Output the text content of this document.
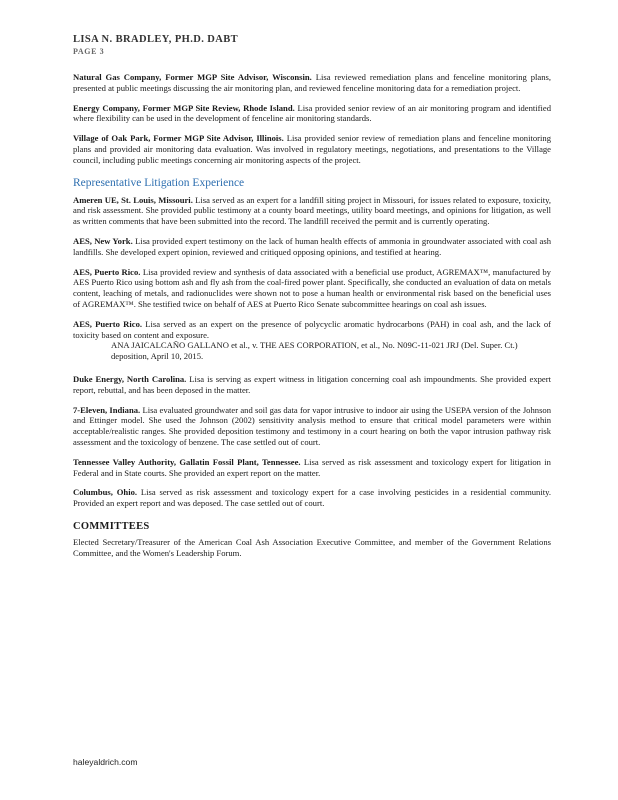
LISA N. BRADLEY, PH.D. DABT
PAGE 3

Natural Gas Company, Former MGP Site Advisor, Wisconsin. Lisa reviewed remediation plans and fenceline monitoring plans, presented at public meetings discussing the air monitoring plan, and reviewed fenceline monitoring data for a remediation project.

Energy Company, Former MGP Site Review, Rhode Island. Lisa provided senior review of an air monitoring program and identified where flexibility can be used in the development of fenceline air monitoring standards.

Village of Oak Park, Former MGP Site Advisor, Illinois. Lisa provided senior review of remediation plans and fenceline monitoring plans and provided air monitoring data evaluation. Was involved in regulatory meetings, negotiations, and presentations to the Village council, including public meetings concerning air monitoring aspects of the project.

Representative Litigation Experience

Ameren UE, St. Louis, Missouri. Lisa served as an expert for a landfill siting project in Missouri, for issues related to exposure, toxicity, and risk assessment. She provided public testimony at a county board meetings, utility board meetings, and opinions for litigation, as well as written comments that have been submitted into the record. The landfill received the permit and is currently operating.

AES, New York. Lisa provided expert testimony on the lack of human health effects of ammonia in groundwater associated with coal ash landfills. She developed expert opinion, reviewed and critiqued opposing opinions, and testified at hearing.

AES, Puerto Rico. Lisa provided review and synthesis of data associated with a beneficial use product, AGREMAX™, manufactured by AES Puerto Rico using bottom ash and fly ash from the coal-fired power plant. Specifically, she conducted an evaluation of data on metals content, leaching of metals, and radionuclides were shown not to pose a human health or environmental risk based on the beneficial uses of AGREMAX™. She testified twice on behalf of AES at Puerto Rico Senate subcommittee hearings on coal ash issues.

AES, Puerto Rico. Lisa served as an expert on the presence of polycyclic aromatic hydrocarbons (PAH) in coal ash, and the lack of toxicity based on content and exposure.

ANA JAICALCAÑO GALLANO et al., v. THE AES CORPORATION, et al., No. N09C-11-021 JRJ (Del. Super. Ct.) deposition, April 10, 2015.

Duke Energy, North Carolina. Lisa is serving as expert witness in litigation concerning coal ash impoundments. She provided expert report, rebuttal, and has been deposed in the matter.

7-Eleven, Indiana. Lisa evaluated groundwater and soil gas data for vapor intrusive to indoor air using the USEPA version of the Johnson and Ettinger model. She used the Johnson (2002) sensitivity analysis method to ensure that critical model parameters were within acceptable/realistic ranges. She provided deposition testimony and testimony in a court hearing on both the vapor intrusion pathway risk assessment and the toxicology of benzene. The case settled out of court.

Tennessee Valley Authority, Gallatin Fossil Plant, Tennessee. Lisa served as risk assessment and toxicology expert for litigation in Federal and in State courts. She provided an expert report on the matter.

Columbus, Ohio. Lisa served as risk assessment and toxicology expert for a case involving pesticides in a residential community. Provided an expert report and was deposed. The case settled out of court.

COMMITTEES

Elected Secretary/Treasurer of the American Coal Ash Association Executive Committee, and member of the Government Relations Committee, and the Women's Leadership Forum.

haleyaldrich.com
